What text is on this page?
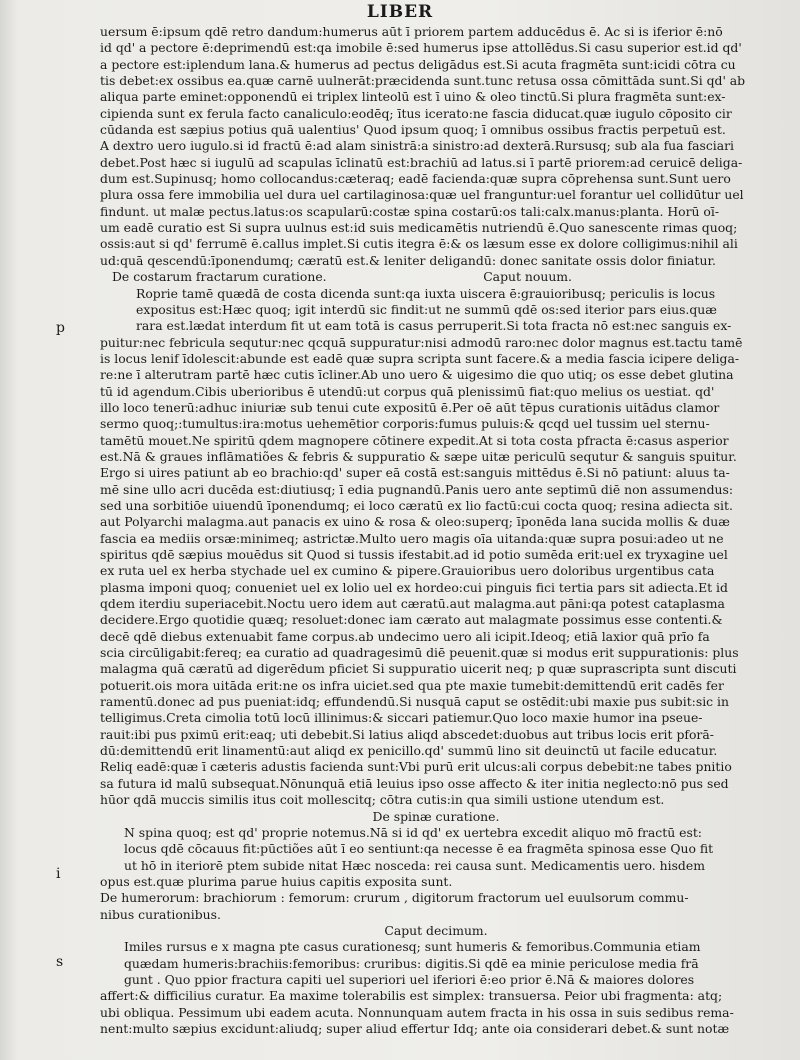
LIBER
uersum ē:ipsum qdē retro dandum:humerus aūt ī priorem partem adducēdus ē. Ac si is iferior ē:nō
id qd' a pectore ē:deprimendū est:qa imobile ē:sed humerus ipse attollēdus.Si casu superior est.id qd'
a pectore est:iplendum lana.& humerus ad pectus deligādus est.Si acuta fragmēta sunt:icidi cōtra cu
tis debet:ex ossibus ea.quæ carnē uulnerāt:præcidenda sunt.tunc retusa ossa cōmittāda sunt.Si qd' ab
aliqua parte eminet:opponendū ei triplex linteolū est ī uino & oleo tinctū.Si plura fragmēta sunt:ex-
cipienda sunt ex ferula facto canaliculo:eodēq; ītus icerato:ne fascia diducat.quæ iugulo cōposito cir
cūdanda est sæpius potius quā ualentius' Quod ipsum quoq; ī omnibus ossibus fractis perpetuū est.
A dextro uero iugulo.si id fractū ē:ad alam sinistrā:a sinistro:ad dexterā.Rursusq; sub ala fua fasciari
debet.Post hæc si iugulū ad scapulas īclinatū est:brachiū ad latus.si ī partē priorem:ad ceruicē deliga-
dum est.Supinusq; homo collocandus:cæteraq; eadē facienda:quæ supra cōprehensa sunt.Sunt uero
plura ossa fere immobilia uel dura uel cartilaginosa:quæ uel franguntur:uel forantur uel collidūtur uel
findunt. ut malæ pectus.latus:os scapularū:costæ spina costarū:os tali:calx.manus:planta. Horū oī-
um eadē curatio est Si supra uulnus est:id suis medicamētis nutriendū ē.Quo sanescente rimas quoq;
ossis:aut si qd' ferrumē ē.callus implet.Si cutis itegra ē:& os læsum esse ex dolore colligimus:nihil ali
ud:quā qescendū:īponendumq; cæratū est.& leniter deligandū: donec sanitate ossis dolor finiatur.
De costarum fractarum curatione.	Caput nouum.
Roprie tamē quædā de costa dicenda sunt:qa iuxta uiscera ē:grauioribusq; periculis is locus
expositus est:Hæc quoq; igit interdū sic findit:ut ne summū qdē os:sed iterior pars eius.quæ
rara est.lædat interdum fit ut eam totā is casus perruperit.Si tota fracta nō est:nec sanguis ex-
puitur:nec febricula sequtur:nec qcquā suppuratur:nisi admodū raro:nec dolor magnus est.tactu tamē
is locus lenif īdolescit:abunde est eadē quæ supra scripta sunt facere.& a media fascia icipere deliga-
re:ne ī alterutram partē hæc cutis īcliner.Ab uno uero & uigesimo die quo utiq; os esse debet glutina
tū id agendum.Cibis uberioribus ē utendū:ut corpus quā plenissimū fiat:quo melius os uestiat. qd'
illo loco tenerū:adhuc iniuriæ sub tenui cute expositū ē.Per oē aūt tēpus curationis uitādus clamor
sermo quoq;:tumultus:ira:motus uehemētior corporis:fumus puluis:& qcqd uel tussim uel sternu-
tamētū mouet.Ne spiritū qdem magnopere cōtinere expedit.At si tota costa pfracta ē:casus asperior
est.Nā & graues inflāmatiões & febris & suppuratio & sæpe uitæ periculū sequtur & sanguis spuitur.
Ergo si uires patiunt ab eo brachio:qd' super eā costā est:sanguis mittēdus ē.Si nō patiunt: aluus ta-
mē sine ullo acri ducēda est:diutiusq; ī edia pugnandū.Panis uero ante septimū diē non assumendus:
sed una sorbitiōe uiuendū īponendumq; ei loco cæratū ex lio factū:cui cocta quoq; resina adiecta sit.
aut Polyarchi malagma.aut panacis ex uino & rosa & oleo:superq; īponēda lana sucida mollis & duæ
fascia ea mediis orsæ:minimeq; astrictæ.Multo uero magis oīa uitanda:quæ supra posui:adeo ut ne
spiritus qdē sæpius mouēdus sit Quod si tussis ifestabit.ad id potio sumēda erit:uel ex tryxagine uel
ex ruta uel ex herba stychade uel ex cumino & pipere.Grauioribus uero doloribus urgentibus cata
plasma imponi quoq; conueniet uel ex lolio uel ex hordeo:cui pinguis fici tertia pars sit adiecta.Et id
qdem iterdiu superiacebit.Noctu uero idem aut cæratū.aut malagma.aut pāni:qa potest cataplasma
decidere.Ergo quotidie quæq; resoluet:donec iam cærato aut malagmate possimus esse contenti.&
decē qdē diebus extenuabit fame corpus.ab undecimo uero ali icipit.Ideoq; etiā laxior quā prīo fa
scia circūligabit:fereq; ea curatio ad quadragesimū diē peuenit.quæ si modus erit suppurationis: plus
malagma quā cæratū ad digerēdum pficiet Si suppuratio uicerit neq; p quæ suprascripta sunt discuti
potuerit.ois mora uitāda erit:ne os infra uiciet.sed qua pte maxie tumebit:demittendū erit cadēs fer
ramentū.donec ad pus pueniat:idq; effundendū.Si nusquā caput se ostēdit:ubi maxie pus subit:sic in
telligimus.Creta cimolia totū locū illinimus:& siccari patiemur.Quo loco maxie humor ina pseue-
rauit:ibi pus pximū erit:eaq; uti debebit.Si latius aliqd abscedet:duobus aut tribus locis erit pforā-
dū:demittendū erit linamentū:aut aliqd ex penicillo.qd' summū lino sit deuinctū ut facile educatur.
Reliq eadē:quæ ī cæteris adustis facienda sunt:Vbi purū erit ulcus:ali corpus debebit:ne tabes pnitio
sa futura id malū subsequat.Nōnunquā etiā leuius ipso osse affecto & iter initia neglecto:nō pus sed
hūor qdā muccis similis itus coit mollescitq; cōtra cutis:in qua simili ustione utendum est.
De spinæ curatione.
N spina quoq; est qd' proprie notemus.Nā si id qd' ex uertebra excedit aliquo mō fractū est:
locus qdē cōcauus fit:pūctiões aūt ī eo sentiunt:qa necesse ē ea fragmēta spinosa esse Quo fit
ut hō in iteriorē ptem subide nitat Hæc nosceda: rei causa sunt. Medicamentis uero. hisdem
opus est.quæ plurima parue huius capitis exposita sunt.
De humerorum: brachiorum : femorum: crurum , digitorum fractorum uel euulsorum commu-
nibus curationibus.
Caput decimum.
Imiles rursus e x magna pte casus curationesq; sunt humeris & femoribus.Communia etiam
quædam humeris:brachiis:femoribus: cruribus: digitis.Si qdē ea minie periculose media frā
gunt . Quo ppior fractura capiti uel superiori uel iferiori ē:eo prior ē.Nā & maiores dolores
affert:& difficilius curatur. Ea maxime tolerabilis est simplex: transuersa. Peior ubi fragmenta: atq;
ubi obliqua. Pessimum ubi eadem acuta. Nonnunquam autem fracta in his ossa in suis sedibus rema-
nent:multo sæpius excidunt:aliudq; super aliud effertur Idq; ante oia considerari debet.& sunt notæ
p
i
s
